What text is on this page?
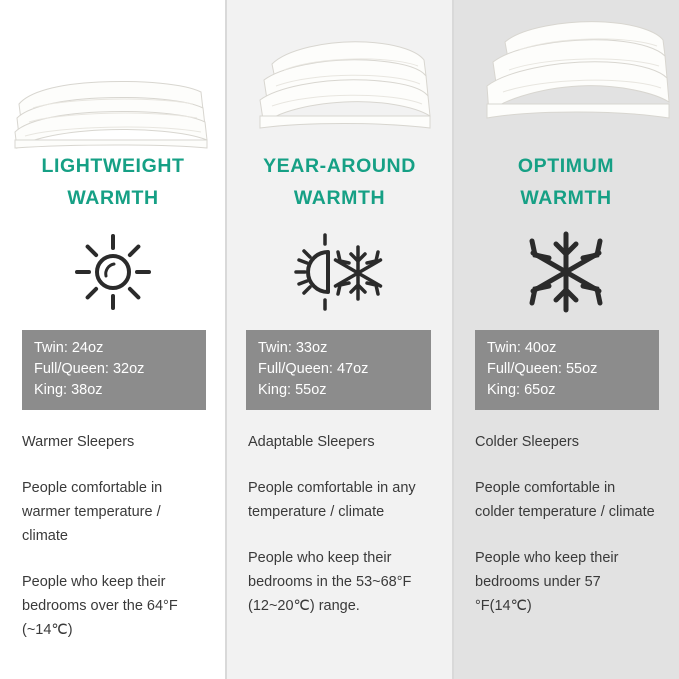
LIGHTWEIGHT
WARMTH
Twin: 24oz
Full/Queen: 32oz
King: 38oz

Warmer Sleepers

People comfortable in warmer temperature / climate

People who keep their bedrooms over the 64°F (~14℃)

YEAR-AROUND
WARMTH
Twin: 33oz
Full/Queen: 47oz
King: 55oz

Adaptable Sleepers

People comfortable in any temperature / climate

People who keep their bedrooms in the 53~68°F (12~20℃) range.

OPTIMUM
WARMTH
Twin: 40oz
Full/Queen: 55oz
King: 65oz

Colder Sleepers

People comfortable in colder temperature / climate

People who keep their bedrooms under 57 °F(14℃)
